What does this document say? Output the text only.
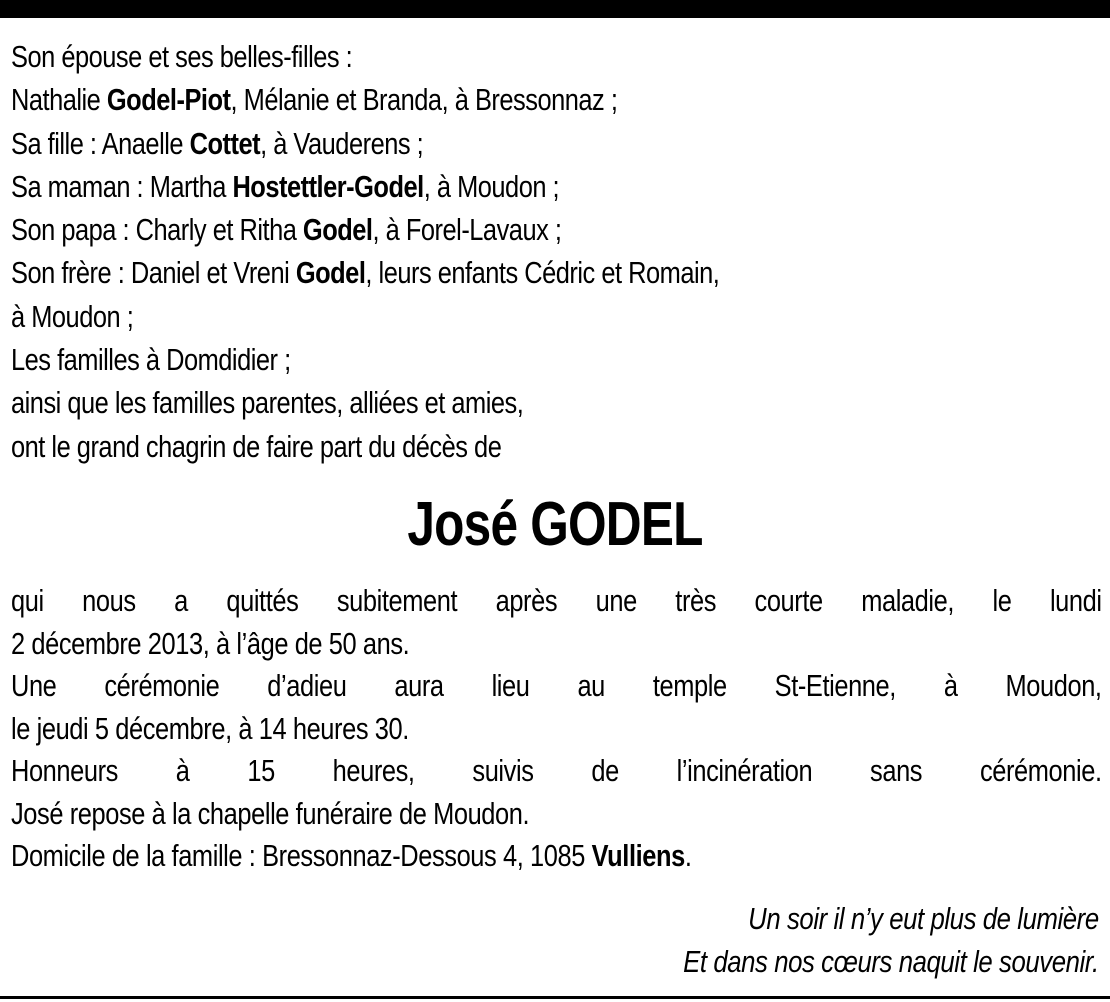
Son épouse et ses belles-filles :
Nathalie Godel-Piot, Mélanie et Branda, à Bressonnaz ;
Sa fille : Anaelle Cottet, à Vauderens ;
Sa maman : Martha Hostettler-Godel, à Moudon ;
Son papa : Charly et Ritha Godel, à Forel-Lavaux ;
Son frère : Daniel et Vreni Godel, leurs enfants Cédric et Romain,
à Moudon ;
Les familles à Domdidier ;
ainsi que les familles parentes, alliées et amies,
ont le grand chagrin de faire part du décès de
José GODEL
qui nous a quittés subitement après une très courte maladie, le lundi
2 décembre 2013, à l’âge de 50 ans.
Une cérémonie d’adieu aura lieu au temple St-Etienne, à Moudon,
le jeudi 5 décembre, à 14 heures 30.
Honneurs à 15 heures, suivis de l’incinération sans cérémonie.
José repose à la chapelle funéraire de Moudon.
Domicile de la famille : Bressonnaz-Dessous 4, 1085 Vulliens.
Un soir il n’y eut plus de lumière
Et dans nos cœurs naquit le souvenir.
